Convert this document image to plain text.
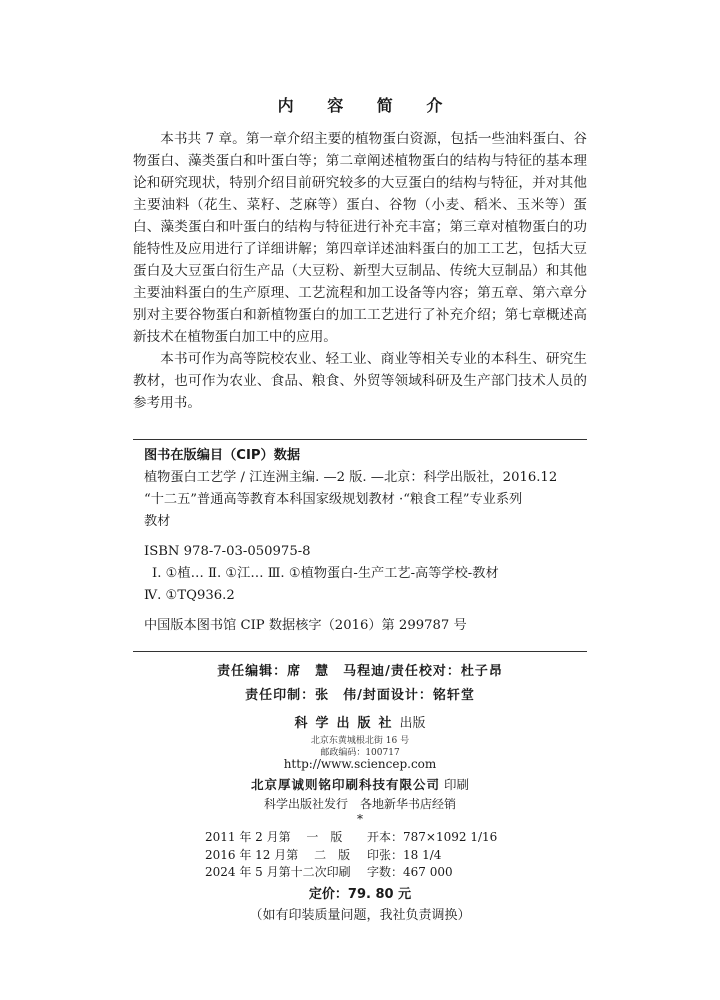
内 容 简 介

本书共 7 章。第一章介绍主要的植物蛋白资源，包括一些油料蛋白、谷物蛋白、藻类蛋白和叶蛋白等；第二章阐述植物蛋白的结构与特征的基本理论和研究现状，特别介绍目前研究较多的大豆蛋白的结构与特征，并对其他主要油料（花生、菜籽、芝麻等）蛋白、谷物（小麦、稻米、玉米等）蛋白、藻类蛋白和叶蛋白的结构与特征进行补充丰富；第三章对植物蛋白的功能特性及应用进行了详细讲解；第四章详述油料蛋白的加工工艺，包括大豆蛋白及大豆蛋白衍生产品（大豆粉、新型大豆制品、传统大豆制品）和其他主要油料蛋白的生产原理、工艺流程和加工设备等内容；第五章、第六章分别对主要谷物蛋白和新植物蛋白的加工工艺进行了补充介绍；第七章概述高新技术在植物蛋白加工中的应用。

本书可作为高等院校农业、轻工业、商业等相关专业的本科生、研究生教材，也可作为农业、食品、粮食、外贸等领域科研及生产部门技术人员的参考用书。

图书在版编目（CIP）数据
植物蛋白工艺学 / 江连洲主编. —2 版. —北京：科学出版社，2016.12
“十二五”普通高等教育本科国家级规划教材 ·“粮食工程”专业系列
教材
ISBN 978-7-03-050975-8
Ⅰ. ①植… Ⅱ. ①江… Ⅲ. ①植物蛋白-生产工艺-高等学校-教材
Ⅳ. ①TQ936.2
中国版本图书馆 CIP 数据核字（2016）第 299787 号
责任编辑：席　慧　马程迪/责任校对：杜子昂
责任印制：张　伟/封面设计：铭轩堂
科学出版社出版
北京东黄城根北街 16 号
邮政编码：100717
http://www.sciencep.com
北京厚诚则铭印刷科技有限公司 印刷
科学出版社发行　各地新华书店经销
*
2011 年 2 月第　 一　版	开本：787×1092 1/16
2016 年 12 月第　 二　版	印张：18 1/4
2024 年 5 月第十二次印刷	字数：467 000
定价：79. 80 元
（如有印装质量问题，我社负责调换）
